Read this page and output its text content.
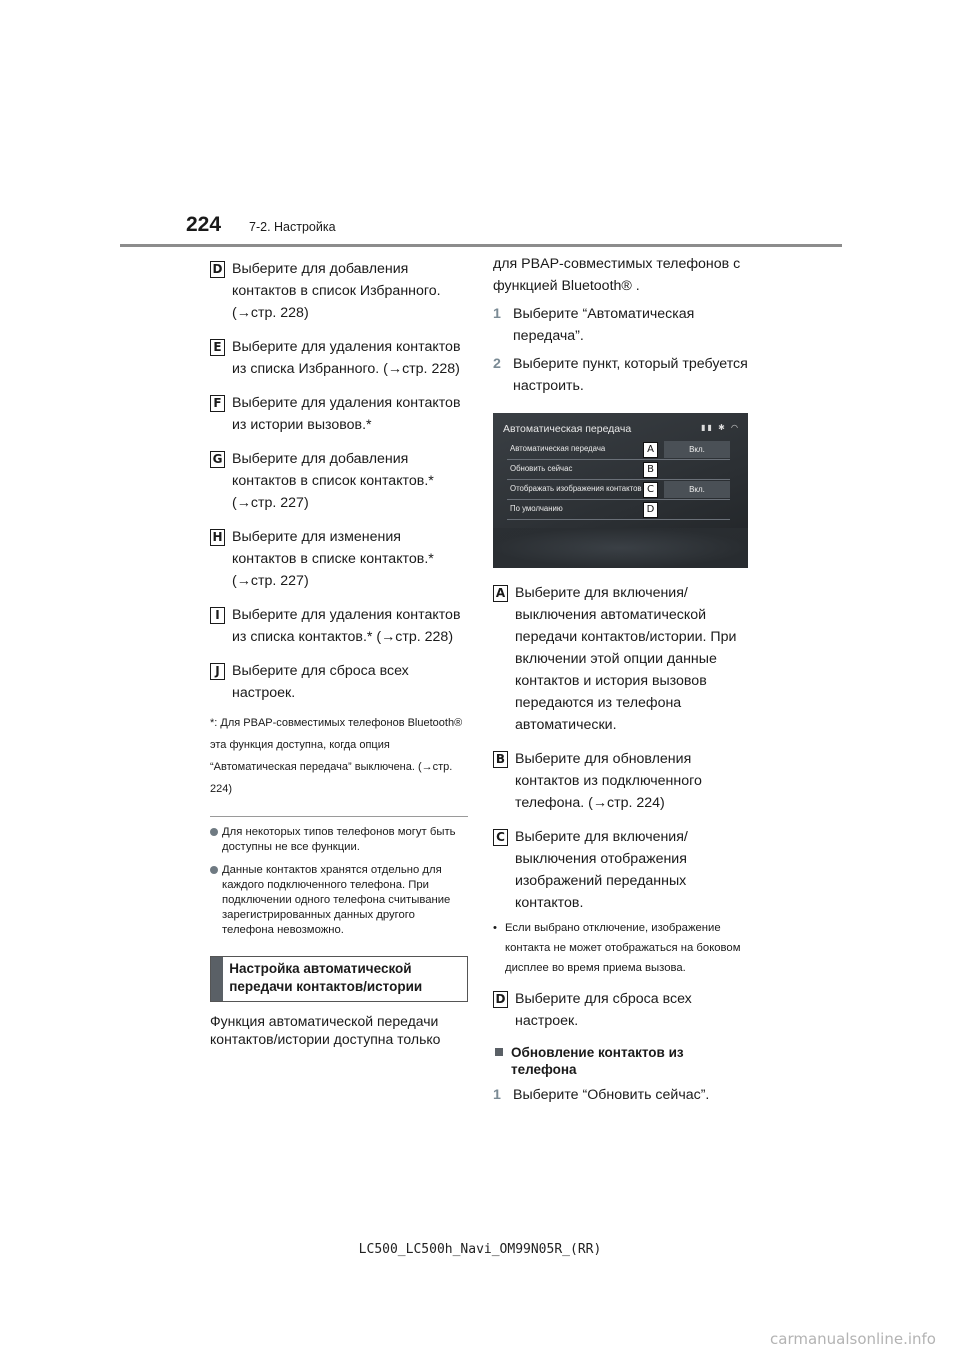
224 7-2. Настройка
D Выберите для добавления контактов в список Избранного. (→стр. 228)
E Выберите для удаления контактов из списка Избранного. (→стр. 228)
F Выберите для удаления контактов из истории вызовов.*
G Выберите для добавления контактов в список контактов.* (→стр. 227)
H Выберите для изменения контактов в списке контактов.* (→стр. 227)
I Выберите для удаления контактов из списка контактов.* (→стр. 228)
J Выберите для сброса всех настроек.
*: Для PBAP-совместимых телефонов Bluetooth® эта функция доступна, когда опция “Автоматическая передача” выключена. (→стр. 224)
Для некоторых типов телефонов могут быть доступны не все функции.
Данные контактов хранятся отдельно для каждого подключенного телефона. При подключении одного телефона считывание зарегистрированных данных другого телефона невозможно.
Настройка автоматической передачи контактов/истории
Функция автоматической передачи контактов/истории доступна только
для PBAP-совместимых телефонов с функцией Bluetooth® .
1 Выберите “Автоматическая передача”.
2 Выберите пункт, который требуется настроить.
Автоматическая передача	▮▮ ✱ ◠
Автоматическая передача	A	Вкл.
Обновить сейчас	B
Отображать изображения контактов C	Вкл.
По умолчанию	D
A Выберите для включения/ выключения автоматической передачи контактов/истории. При включении этой опции данные контактов и история вызовов передаются из телефона автоматически.
B Выберите для обновления контактов из подключенного телефона. (→стр. 224)
C Выберите для включения/ выключения отображения изображений переданных контактов.
• Если выбрано отключение, изображение контакта не может отображаться на боковом дисплее во время приема вызова.
D Выберите для сброса всех настроек.
Обновление контактов из телефона
1 Выберите “Обновить сейчас”.
LC500_LC500h_Navi_OM99N05R_(RR)
carmanualsonline.info
